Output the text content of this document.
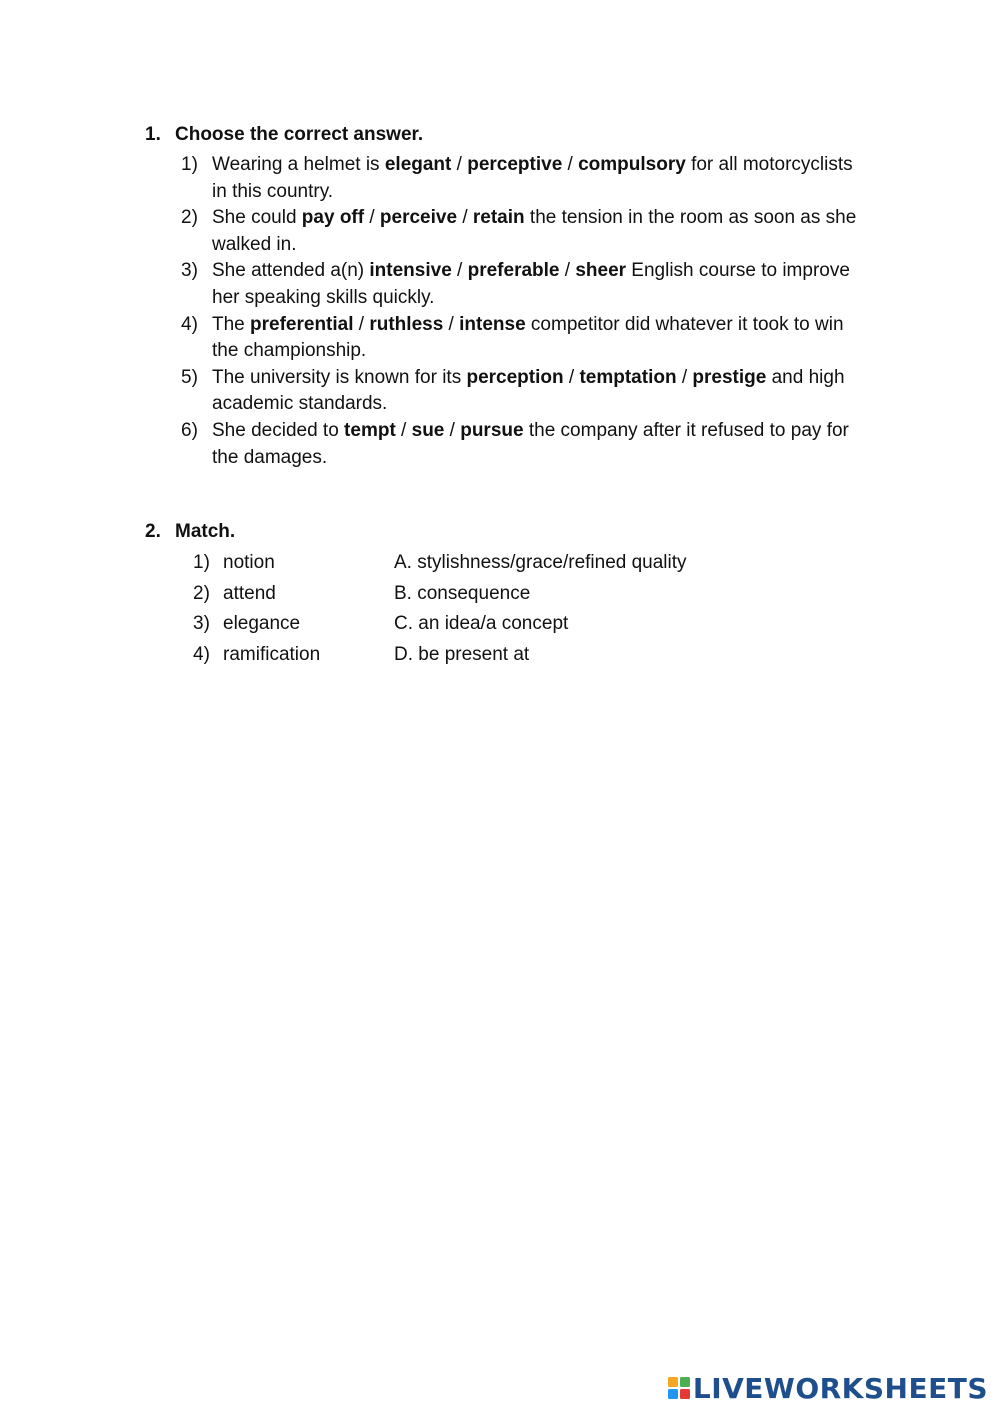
1. Choose the correct answer.
1) Wearing a helmet is elegant / perceptive / compulsory for all motorcyclists in this country.
2) She could pay off / perceive / retain the tension in the room as soon as she walked in.
3) She attended a(n) intensive / preferable / sheer English course to improve her speaking skills quickly.
4) The preferential / ruthless / intense competitor did whatever it took to win the championship.
5) The university is known for its perception / temptation / prestige and high academic standards.
6) She decided to tempt / sue / pursue the company after it refused to pay for the damages.
2. Match.
1) notion	A. stylishness/grace/refined quality
2) attend	B. consequence
3) elegance	C. an idea/a concept
4) ramification	D. be present at
LIVEWORKSHEETS
